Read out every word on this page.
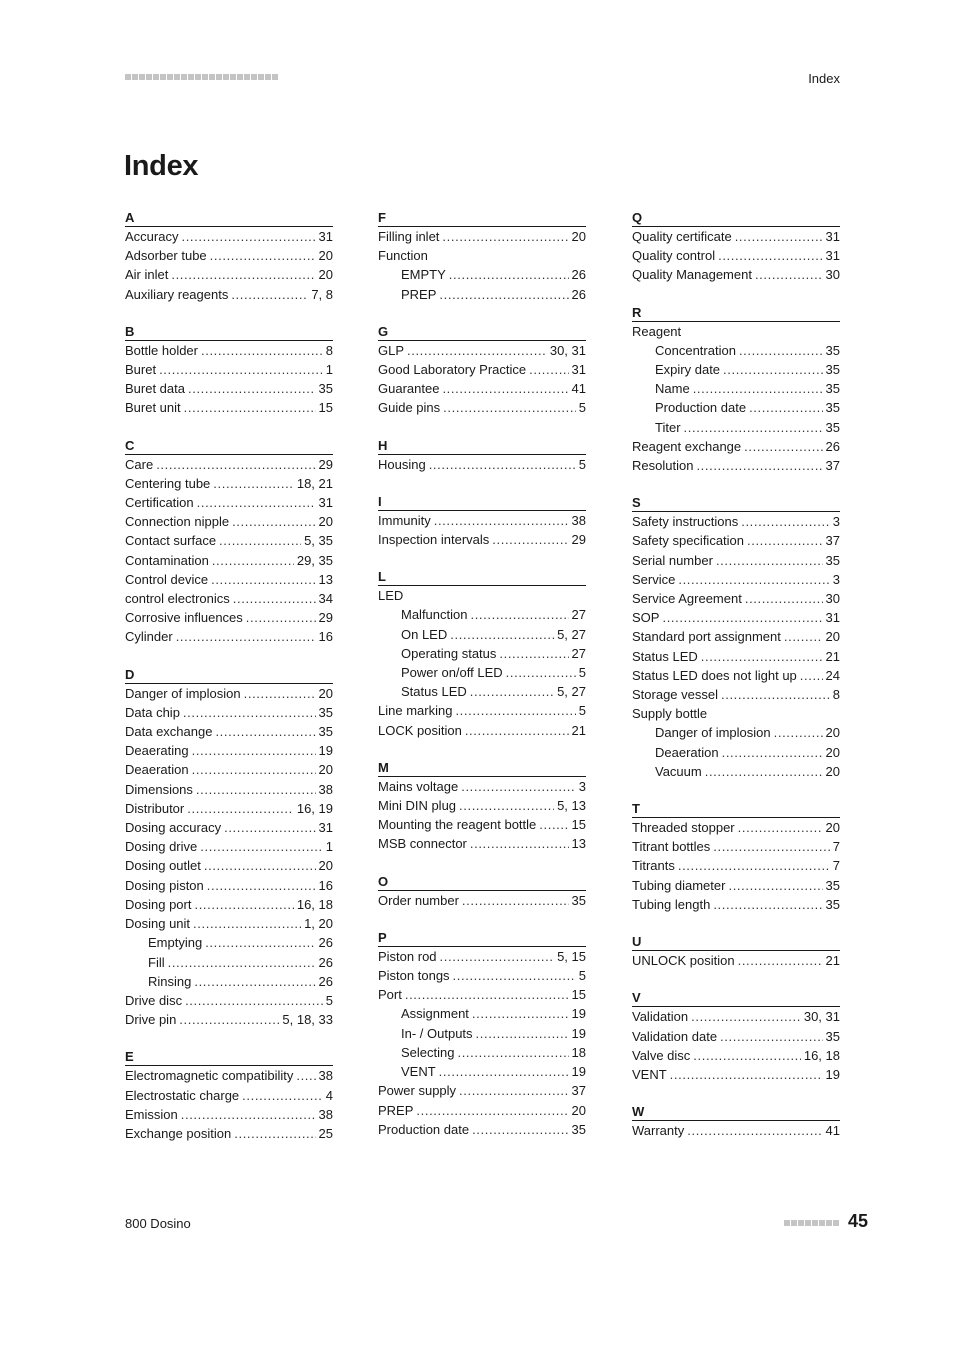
Index
Index
A
Accuracy . . .	31
Adsorber tube . . .	20
Air inlet . . .	20
Auxiliary reagents . . .	7, 8
B
Bottle holder . . .	8
Buret . . .	1
Buret data . . .	35
Buret unit . . .	15
C
Care . . .	29
Centering tube . . .	18, 21
Certification . . .	31
Connection nipple . . .	20
Contact surface . . .	5, 35
Contamination . . .	29, 35
Control device . . .	13
control electronics . . .	34
Corrosive influences . . .	29
Cylinder . . .	16
D
Danger of implosion . . .	20
Data chip . . .	35
Data exchange . . .	35
Deaerating . . .	19
Deaeration . . .	20
Dimensions . . .	38
Distributor . . .	16, 19
Dosing accuracy . . .	31
Dosing drive . . .	1
Dosing outlet . . .	20
Dosing piston . . .	16
Dosing port . . .	16, 18
Dosing unit . . .	1, 20
Emptying . . .	26
Fill . . .	26
Rinsing . . .	26
Drive disc . . .	5
Drive pin . . .	5, 18, 33
E
Electromagnetic compatibility . . . 38
Electrostatic charge . . .	4
Emission . . .	38
Exchange position . . .	25
F
Filling inlet . . .	20
Function
EMPTY . . .	26
PREP . . .	26
G
GLP . . .	30, 31
Good Laboratory Practice . . .	31
Guarantee . . .	41
Guide pins . . .	5
H
Housing . . .	5
I
Immunity . . .	38
Inspection intervals . . .	29
L
LED
Malfunction . . .	27
On LED . . .	5, 27
Operating status . . .	27
Power on/off LED . . .	5
Status LED . . .	5, 27
Line marking . . .	5
LOCK position . . .	21
M
Mains voltage . . .	3
Mini DIN plug . . .	5, 13
Mounting the reagent bottle . . .	15
MSB connector . . .	13
O
Order number . . .	35
P
Piston rod . . .	5, 15
Piston tongs . . .	5
Port . . .	15
Assignment . . .	19
In- / Outputs . . .	19
Selecting . . .	18
VENT . . .	19
Power supply . . .	37
PREP . . .	20
Production date . . .	35
Q
Quality certificate . . .	31
Quality control . . .	31
Quality Management . . .	30
R
Reagent
Concentration . . .	35
Expiry date . . .	35
Name . . .	35
Production date . . .	35
Titer . . .	35
Reagent exchange . . .	26
Resolution . . .	37
S
Safety instructions . . .	3
Safety specification . . .	37
Serial number . . .	35
Service . . .	3
Service Agreement . . .	30
SOP . . .	31
Standard port assignment . . .	20
Status LED . . .	21
Status LED does not light up . . . 24
Storage vessel . . .	8
Supply bottle
Danger of implosion . . .	20
Deaeration . . .	20
Vacuum . . .	20
T
Threaded stopper . . .	20
Titrant bottles . . .	7
Titrants . . .	7
Tubing diameter . . .	35
Tubing length . . .	35
U
UNLOCK position . . .	21
V
Validation . . .	30, 31
Validation date . . .	35
Valve disc . . .	16, 18
VENT . . .	19
W
Warranty . . .	41
800 Dosino	45
